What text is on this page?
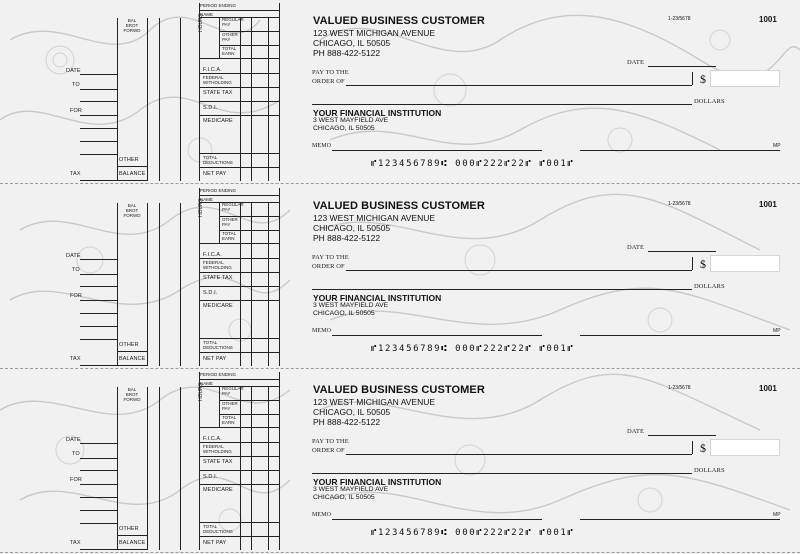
PERIOD ENDING
NAME
BAL
BROT
FORWD	HOURS	REGULAR
PAY
OTHER
PAY
TOTAL
EARN
DATE
TO
FOR
F.I.C.A.
FEDERAL
WITHOLDING
STATE TAX
S.D.I.
MEDICARE
OTHER	TOTAL
DEDUCTIONS
TAX	BALANCE	NET PAY
VALUED BUSINESS CUSTOMER
123 WEST MICHIGAN AVENUE
CHICAGO, IL 50505
PH 888-422-5122
1-23/5678	1001
DATE
PAY TO THE
ORDER OF	$
DOLLARS
YOUR FINANCIAL INSTITUTION
3 WEST MAYFIELD AVE
CHICAGO, IL 50505
MEMO	MP
⑈123456789⑆ 000⑈222⑈22⑈ ⑈001⑈
PERIOD ENDING
NAME
BAL
BROT
FORWD	HOURS	REGULAR
PAY
OTHER
PAY
TOTAL
EARN
DATE
TO
FOR
F.I.C.A.
FEDERAL
WITHOLDING
STATE TAX
S.D.I.
MEDICARE
OTHER	TOTAL
DEDUCTIONS
TAX	BALANCE	NET PAY
VALUED BUSINESS CUSTOMER
123 WEST MICHIGAN AVENUE
CHICAGO, IL 50505
PH 888-422-5122
1-23/5678	1001
DATE
PAY TO THE
ORDER OF	$
DOLLARS
YOUR FINANCIAL INSTITUTION
3 WEST MAYFIELD AVE
CHICAGO, IL 50505
MEMO	MP
⑈123456789⑆ 000⑈222⑈22⑈ ⑈001⑈
PERIOD ENDING
NAME
BAL
BROT
FORWD	HOURS	REGULAR
PAY
OTHER
PAY
TOTAL
EARN
DATE
TO
FOR
F.I.C.A.
FEDERAL
WITHOLDING
STATE TAX
S.D.I.
MEDICARE
OTHER	TOTAL
DEDUCTIONS
TAX	BALANCE	NET PAY
VALUED BUSINESS CUSTOMER
123 WEST MICHIGAN AVENUE
CHICAGO, IL 50505
PH 888-422-5122
1-23/5678	1001
DATE
PAY TO THE
ORDER OF	$
DOLLARS
YOUR FINANCIAL INSTITUTION
3 WEST MAYFIELD AVE
CHICAGO, IL 50505
MEMO	MP
⑈123456789⑆ 000⑈222⑈22⑈ ⑈001⑈
